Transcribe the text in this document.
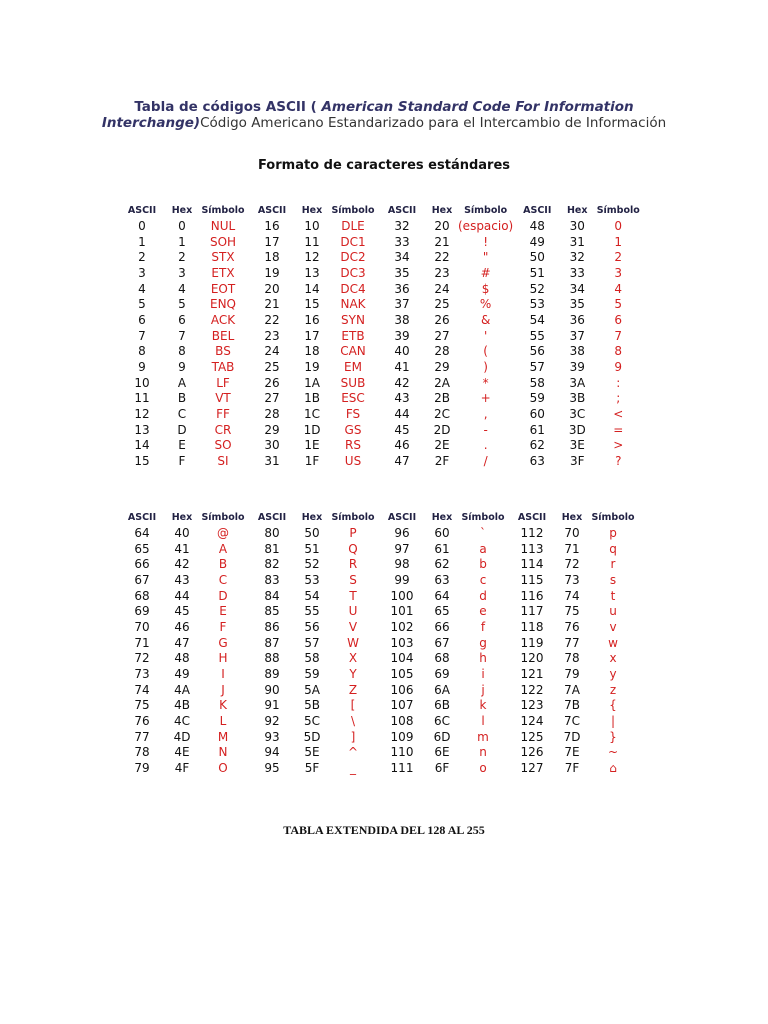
Tabla de códigos ASCII ( American Standard Code For Information
Interchange)Código Americano Estandarizado para el Intercambio de Información
Formato de caracteres estándares
ASCII	Hex	Símbolo	ASCII	Hex	Símbolo	ASCII	Hex	Símbolo	ASCII	Hex	Símbolo
0	0	NUL	16	10	DLE	32	20	(espacio)	48	30	0
1	1	SOH	17	11	DC1	33	21	!	49	31	1
2	2	STX	18	12	DC2	34	22	"	50	32	2
3	3	ETX	19	13	DC3	35	23	#	51	33	3
4	4	EOT	20	14	DC4	36	24	$	52	34	4
5	5	ENQ	21	15	NAK	37	25	%	53	35	5
6	6	ACK	22	16	SYN	38	26	&	54	36	6
7	7	BEL	23	17	ETB	39	27	'	55	37	7
8	8	BS	24	18	CAN	40	28	(	56	38	8
9	9	TAB	25	19	EM	41	29	)	57	39	9
10	A	LF	26	1A	SUB	42	2A	*	58	3A	:
11	B	VT	27	1B	ESC	43	2B	+	59	3B	;
12	C	FF	28	1C	FS	44	2C	,	60	3C	<
13	D	CR	29	1D	GS	45	2D	-	61	3D	=
14	E	SO	30	1E	RS	46	2E	.	62	3E	>
15	F	SI	31	1F	US	47	2F	/	63	3F	?
ASCII	Hex	Símbolo	ASCII	Hex	Símbolo	ASCII	Hex	Símbolo	ASCII	Hex	Símbolo
64	40	@	80	50	P	96	60	`	112	70	p
65	41	A	81	51	Q	97	61	a	113	71	q
66	42	B	82	52	R	98	62	b	114	72	r
67	43	C	83	53	S	99	63	c	115	73	s
68	44	D	84	54	T	100	64	d	116	74	t
69	45	E	85	55	U	101	65	e	117	75	u
70	46	F	86	56	V	102	66	f	118	76	v
71	47	G	87	57	W	103	67	g	119	77	w
72	48	H	88	58	X	104	68	h	120	78	x
73	49	I	89	59	Y	105	69	i	121	79	y
74	4A	J	90	5A	Z	106	6A	j	122	7A	z
75	4B	K	91	5B	[	107	6B	k	123	7B	{
76	4C	L	92	5C	\	108	6C	l	124	7C	|
77	4D	M	93	5D	]	109	6D	m	125	7D	}
78	4E	N	94	5E	^	110	6E	n	126	7E	~
79	4F	O	95	5F	_	111	6F	o	127	7F	⌂
TABLA EXTENDIDA DEL 128 AL 255
